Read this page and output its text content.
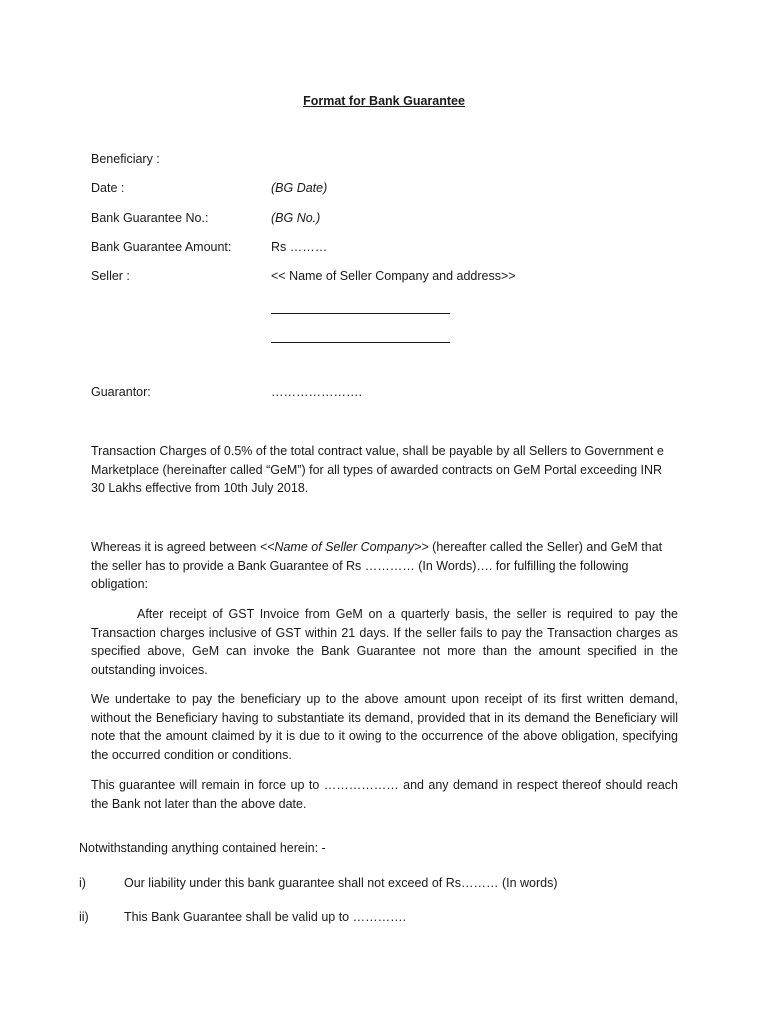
Format for Bank Guarantee
Beneficiary :
Date :	(BG Date)
Bank Guarantee No.:	(BG No.)
Bank Guarantee Amount:	Rs ………
Seller :	<< Name of Seller Company and address>>
Guarantor:	………………….
Transaction Charges of 0.5% of the total contract value, shall be payable by all Sellers to Government e Marketplace (hereinafter called “GeM”) for all types of awarded contracts on GeM Portal exceeding INR 30 Lakhs effective from 10th July 2018.
Whereas it is agreed between <<Name of Seller Company>> (hereafter called the Seller) and GeM that the seller has to provide a Bank Guarantee of Rs ………… (In Words)…. for fulfilling the following obligation:
After receipt of GST Invoice from GeM on a quarterly basis, the seller is required to pay the Transaction charges inclusive of GST within 21 days. If the seller fails to pay the Transaction charges as specified above, GeM can invoke the Bank Guarantee not more than the amount specified in the outstanding invoices.
We undertake to pay the beneficiary up to the above amount upon receipt of its first written demand, without the Beneficiary having to substantiate its demand, provided that in its demand the Beneficiary will note that the amount claimed by it is due to it owing to the occurrence of the above obligation, specifying the occurred condition or conditions.
This guarantee will remain in force up to ……………… and any demand in respect thereof should reach the Bank not later than the above date.
Notwithstanding anything contained herein: -
i)	Our liability under this bank guarantee shall not exceed of Rs……… (In words)
ii)	This Bank Guarantee shall be valid up to ………….
